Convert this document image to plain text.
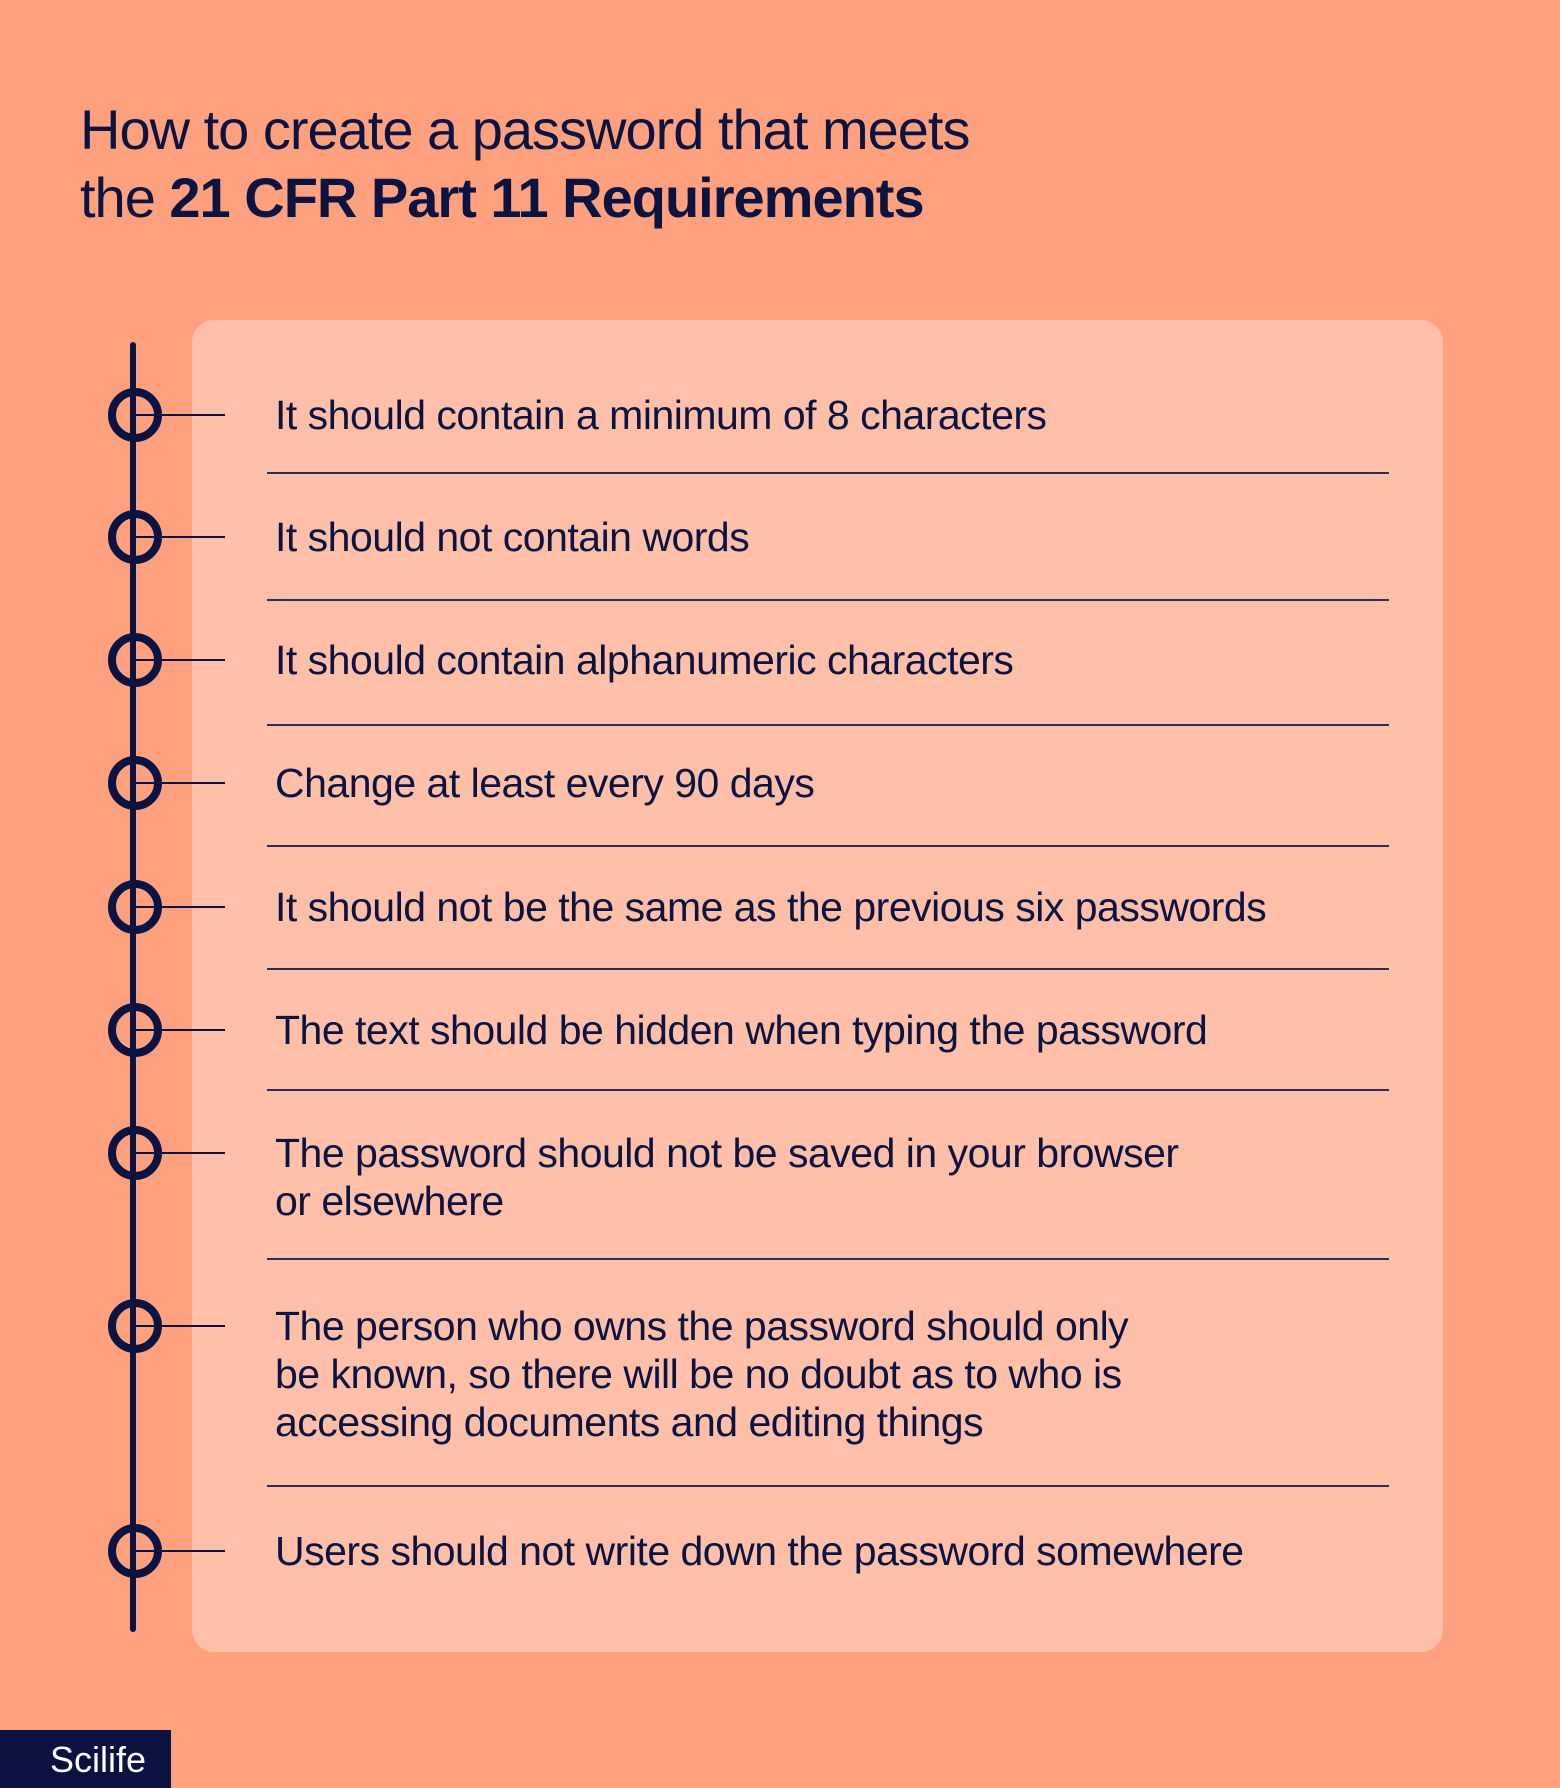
How to create a password that meets
the 21 CFR Part 11 Requirements
It should contain a minimum of 8 characters
It should not contain words
It should contain alphanumeric characters
Change at least every 90 days
It should not be the same as the previous six passwords
The text should be hidden when typing the password
The password should not be saved in your browser
or elsewhere
The person who owns the password should only
be known, so there will be no doubt as to who is
accessing documents and editing things
Users should not write down the password somewhere
Scilife
